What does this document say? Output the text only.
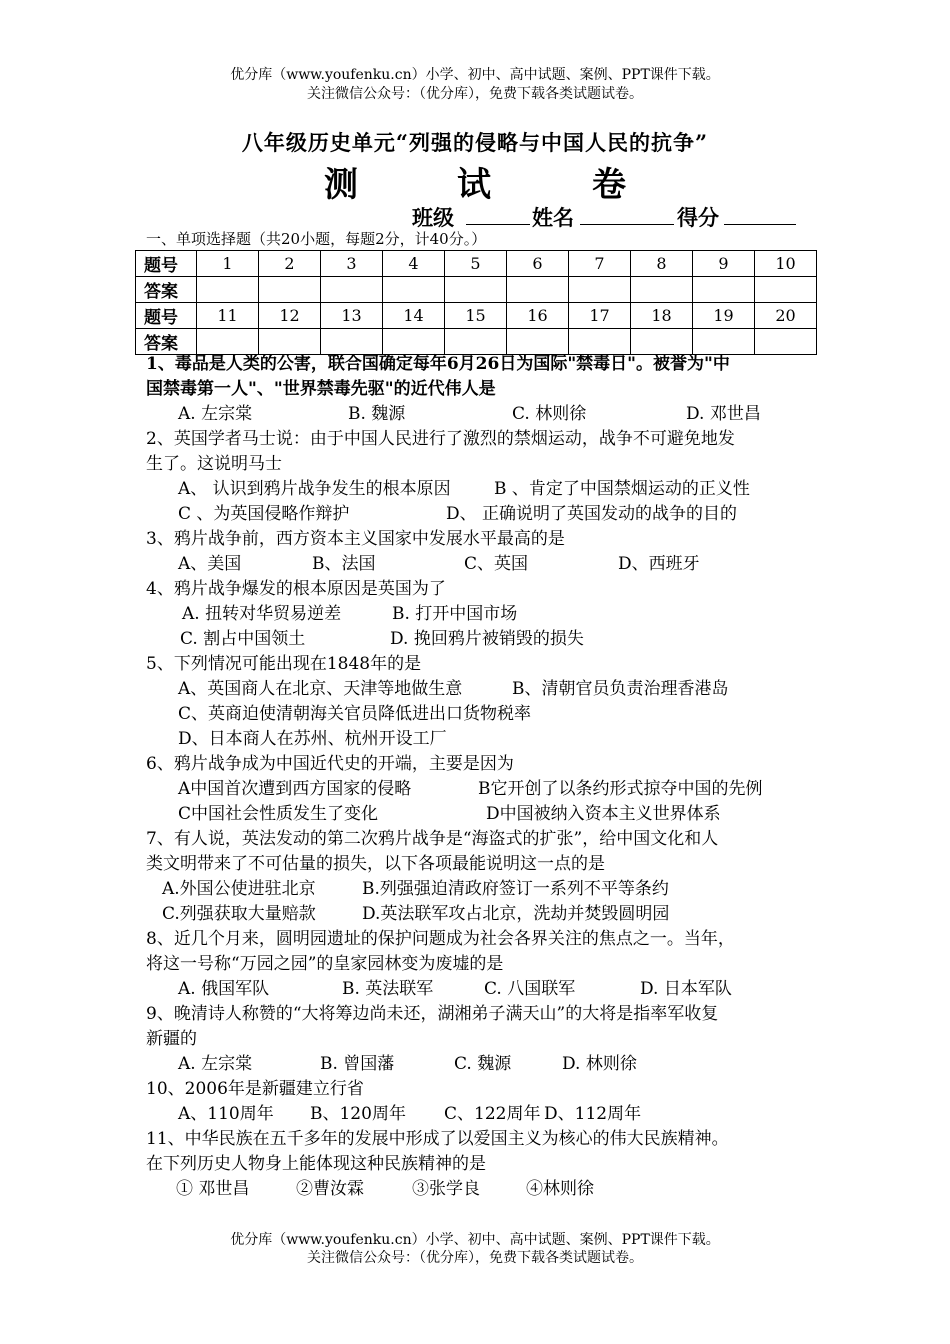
优分库（www.youfenku.cn）小学、初中、高中试题、案例、PPT课件下载。
关注微信公众号：（优分库），免费下载各类试题试卷。
八年级历史单元“列强的侵略与中国人民的抗争”
测	试	卷
班级	姓名	得分
一、单项选择题（共20小题，每题2分，计40分。）
题号	1	2	3	4	5	6	7	8	9	10
答案										
题号	11	12	13	14	15	16	17	18	19	20
答案										
1、毒品是人类的公害，联合国确定每年6月26日为国际"禁毒日"。被誉为"中
国禁毒第一人"、"世界禁毒先驱"的近代伟人是
A. 左宗棠	B. 魏源	C. 林则徐	D. 邓世昌
2、英国学者马士说：由于中国人民进行了激烈的禁烟运动，战争不可避免地发
生了。这说明马士
A、 认识到鸦片战争发生的根本原因	B 、肯定了中国禁烟运动的正义性
C 、为英国侵略作辩护	D、 正确说明了英国发动的战争的目的
3、鸦片战争前，西方资本主义国家中发展水平最高的是
A、美国	B、法国	C、英国	D、西班牙
4、鸦片战争爆发的根本原因是英国为了
A. 扭转对华贸易逆差	B. 打开中国市场
C. 割占中国领土	D. 挽回鸦片被销毁的损失
5、下列情况可能出现在1848年的是
A、英国商人在北京、天津等地做生意	B、清朝官员负责治理香港岛
C、英商迫使清朝海关官员降低进出口货物税率
D、日本商人在苏州、杭州开设工厂
6、鸦片战争成为中国近代史的开端，主要是因为
A中国首次遭到西方国家的侵略	B它开创了以条约形式掠夺中国的先例
C中国社会性质发生了变化	D中国被纳入资本主义世界体系
7、有人说，英法发动的第二次鸦片战争是“海盗式的扩张”，给中国文化和人
类文明带来了不可估量的损失，以下各项最能说明这一点的是
A.外国公使进驻北京	B.列强强迫清政府签订一系列不平等条约
C.列强获取大量赔款	D.英法联军攻占北京，洗劫并焚毁圆明园
8、近几个月来，圆明园遗址的保护问题成为社会各界关注的焦点之一。当年，
将这一号称“万园之园”的皇家园林变为废墟的是
A. 俄国军队	B. 英法联军	C. 八国联军	D. 日本军队
9、晚清诗人称赞的“大将筹边尚未还，湖湘弟子满天山”的大将是指率军收复
新疆的
A. 左宗棠	B. 曾国藩	C. 魏源	D. 林则徐
10、2006年是新疆建立行省
A、110周年 B、120周年 C、122周年 D、112周年
11、中华民族在五千多年的发展中形成了以爱国主义为核心的伟大民族精神。
在下列历史人物身上能体现这种民族精神的是
① 邓世昌	②曹汝霖	③张学良	④林则徐
优分库（www.youfenku.cn）小学、初中、高中试题、案例、PPT课件下载。
关注微信公众号：（优分库），免费下载各类试题试卷。
